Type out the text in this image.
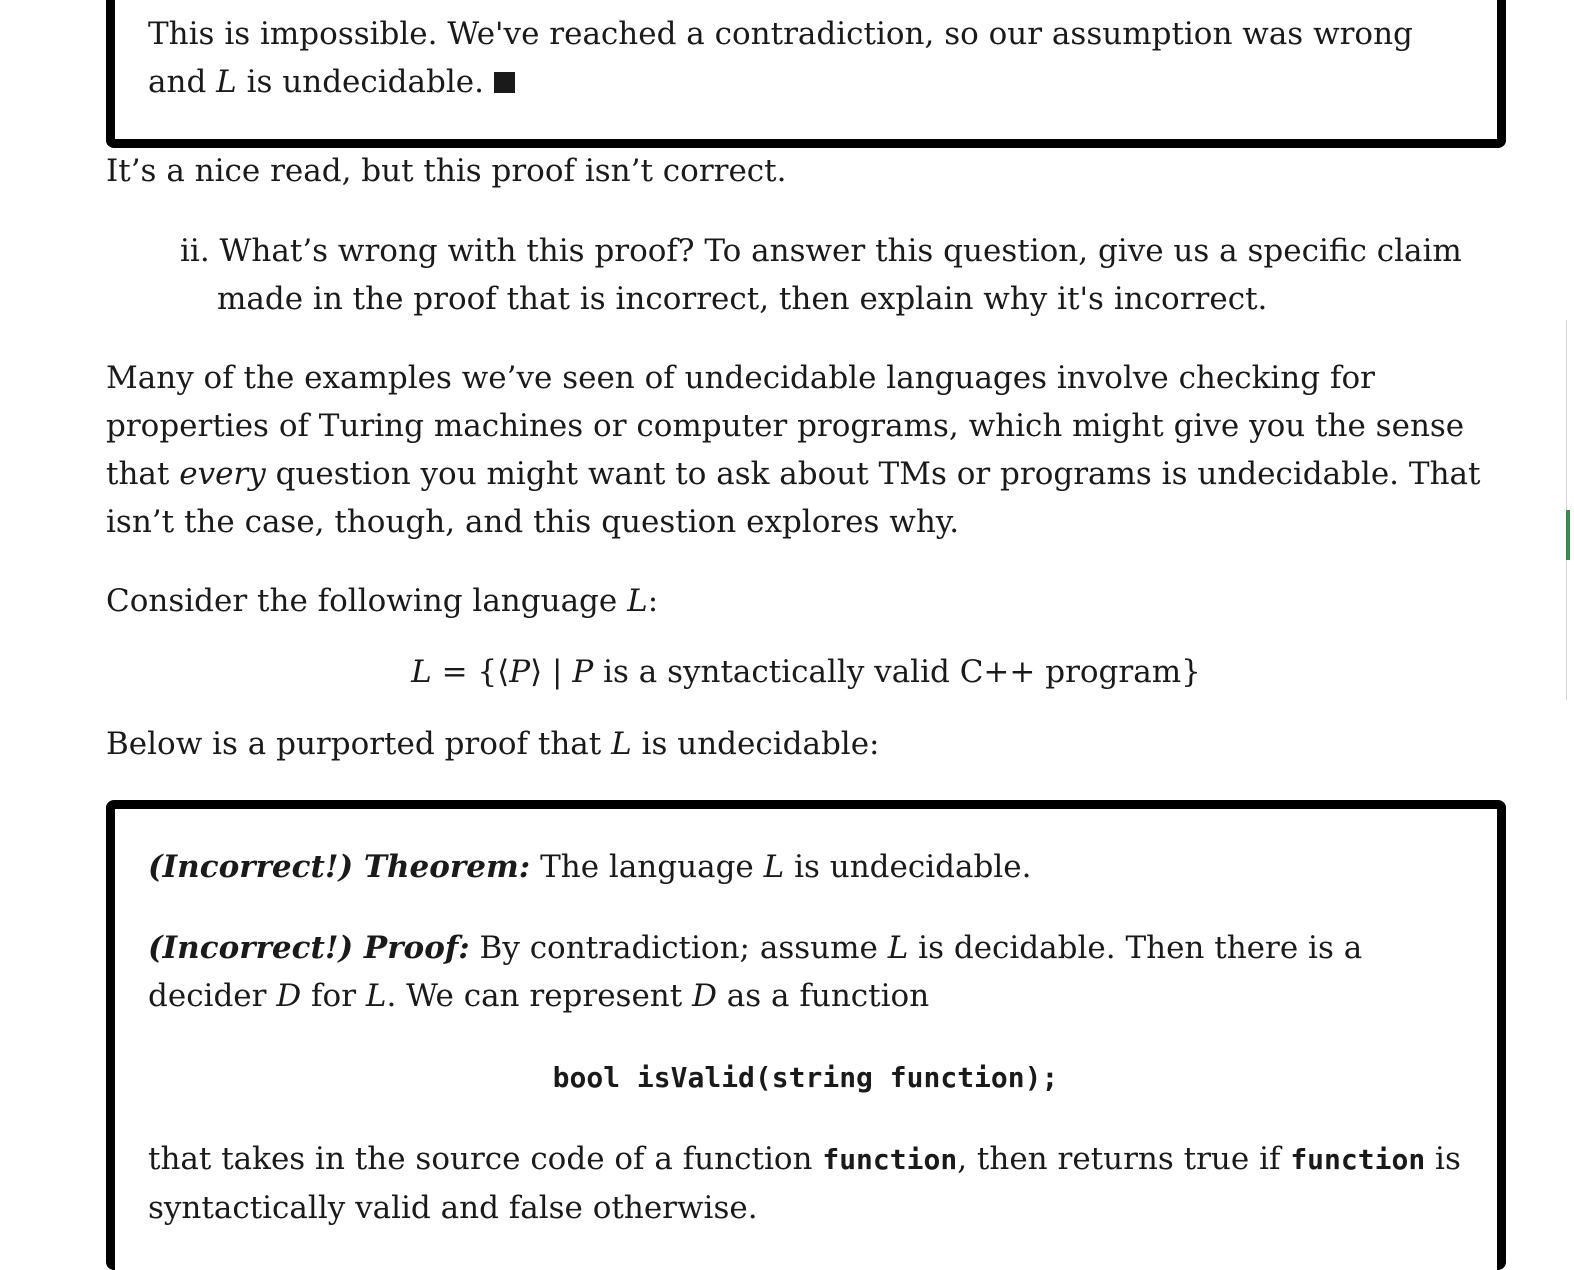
This is impossible. We've reached a contradiction, so our assumption was wrong and L is undecidable.
It’s a nice read, but this proof isn’t correct.
ii. What’s wrong with this proof? To answer this question, give us a specific claim made in the proof that is incorrect, then explain why it's incorrect.
Many of the examples we’ve seen of undecidable languages involve checking for properties of Turing machines or computer programs, which might give you the sense that every question you might want to ask about TMs or programs is undecidable. That isn’t the case, though, and this question explores why.
Consider the following language L:
L = {⟨P⟩ | P is a syntactically valid C++ program}
Below is a purported proof that L is undecidable:
(Incorrect!) Theorem: The language L is undecidable.
(Incorrect!) Proof: By contradiction; assume L is decidable. Then there is a decider D for L. We can represent D as a function
bool isValid(string function);
that takes in the source code of a function function, then returns true if function is syntactically valid and false otherwise.
